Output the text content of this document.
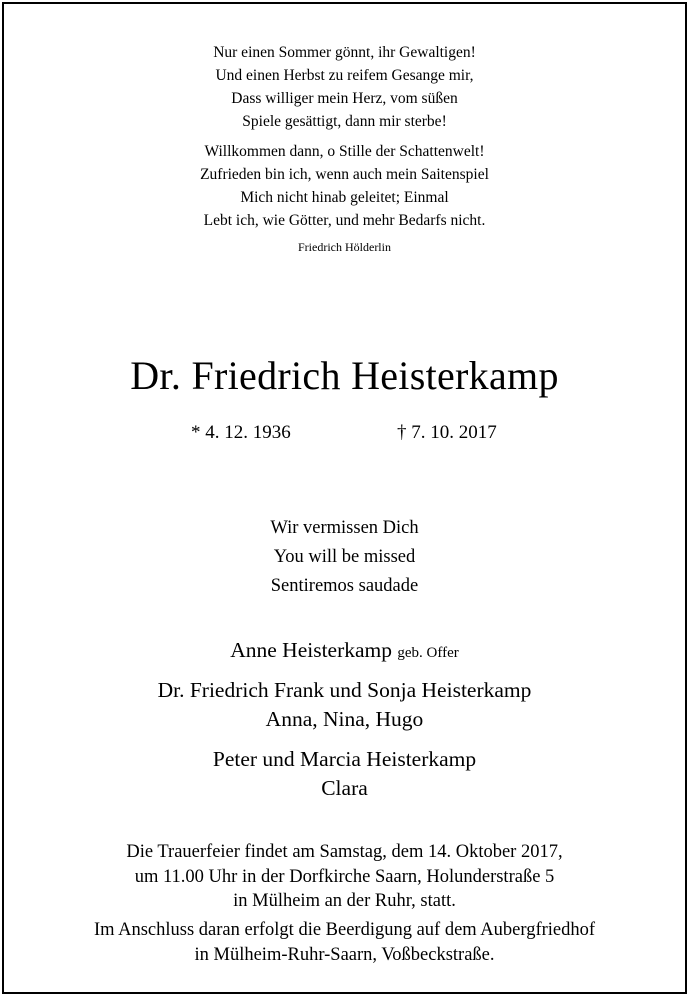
Nur einen Sommer gönnt, ihr Gewaltigen!
Und einen Herbst zu reifem Gesange mir,
Dass williger mein Herz, vom süßen
Spiele gesättigt, dann mir sterbe!
Willkommen dann, o Stille der Schattenwelt!
Zufrieden bin ich, wenn auch mein Saitenspiel
Mich nicht hinab geleitet; Einmal
Lebt ich, wie Götter, und mehr Bedarfs nicht.
Friedrich Hölderlin
Dr. Friedrich Heisterkamp
* 4. 12. 1936	† 7. 10. 2017
Wir vermissen Dich
You will be missed
Sentiremos saudade
Anne Heisterkamp geb. Offer
Dr. Friedrich Frank und Sonja Heisterkamp
Anna, Nina, Hugo
Peter und Marcia Heisterkamp
Clara
Die Trauerfeier findet am Samstag, dem 14. Oktober 2017,
um 11.00 Uhr in der Dorfkirche Saarn, Holunderstraße 5
in Mülheim an der Ruhr, statt.
Im Anschluss daran erfolgt die Beerdigung auf dem Aubergfriedhof
in Mülheim-Ruhr-Saarn, Voßbeckstraße.
